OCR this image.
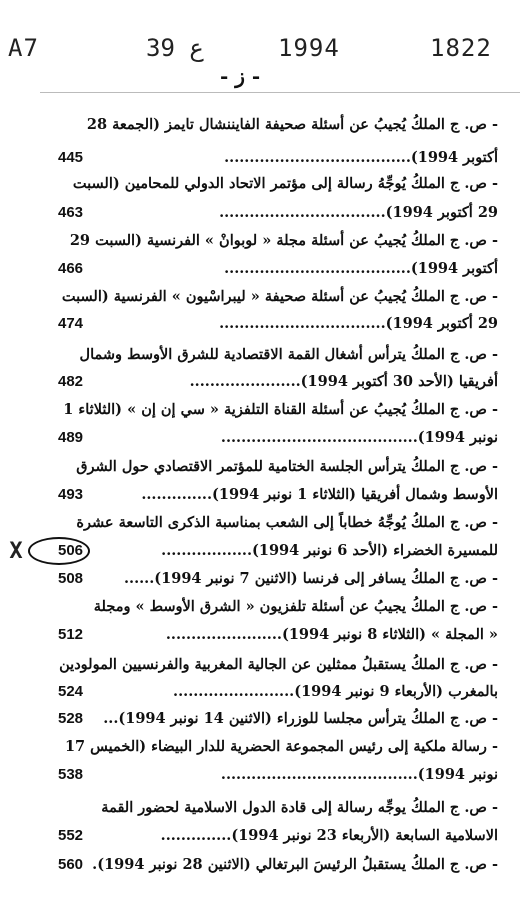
A7	39 ع	1994	1822
- ز -
- ص. ج الملكُ يُجيبُ عن أسئلة صحيفة الفايننشال تايمز (الجمعة 28
أكتوبر 1994).....................................
445
- ص. ج الملكُ يُوجِّهُ رسالة إلى مؤتمر الاتحاد الدولي للمحامين (السبت
29 أكتوبر 1994).................................
463
- ص. ج الملكُ يُجيبُ عن أسئلة مجلة « لوبوانْ » الفرنسية (السبت 29
أكتوبر 1994).....................................
466
- ص. ج الملكُ يُجيبُ عن أسئلة صحيفة « ليبراسْيون » الفرنسية (السبت
29 أكتوبر 1994).................................
474
- ص. ج الملكُ يترأس أشغال القمة الاقتصادية للشرق الأوسط وشمال
أفريقيا (الأحد 30 أكتوبر 1994)......................
482
- ص. ج الملكُ يُجيبُ عن أسئلة القناة التلفزية « سي إن إن » (الثلاثاء 1
نونبر 1994).......................................
489
- ص. ج الملكُ يترأس الجلسة الختامية للمؤتمر الاقتصادي حول الشرق
الأوسط وشمال أفريقيا (الثلاثاء 1 نونبر 1994)..............
493
- ص. ج الملكُ يُوجِّهُ خطاباً إلى الشعب بمناسبة الذكرى التاسعة عشرة
للمسيرة الخضراء (الأحد 6 نونبر 1994)..................
506
- ص. ج الملكُ يسافر إلى فرنسا (الاثنين 7 نونبر 1994)......
508
- ص. ج الملكُ يجيبُ عن أسئلة تلفزيون « الشرق الأوسط » ومجلة
« المجلة » (الثلاثاء 8 نونبر 1994).......................
512
- ص. ج الملكُ يستقبلُ ممثلين عن الجالية المغربية والفرنسيين المولودين
بالمغرب (الأربعاء 9 نونبر 1994)........................
524
- ص. ج الملكُ يترأس مجلسا للوزراء (الاثنين 14 نونبر 1994)...
528
- رسالة ملكية إلى رئيس المجموعة الحضرية للدار البيضاء (الخميس 17
نونبر 1994).......................................
538
- ص. ج الملكُ يوجِّه رسالة إلى قادة الدول الاسلامية لحضور القمة
الاسلامية السابعة (الأربعاء 23 نونبر 1994)..............
552
- ص. ج الملكُ يستقبلُ الرئيسَ البرتغالي (الاثنين 28 نونبر 1994).
560
X
